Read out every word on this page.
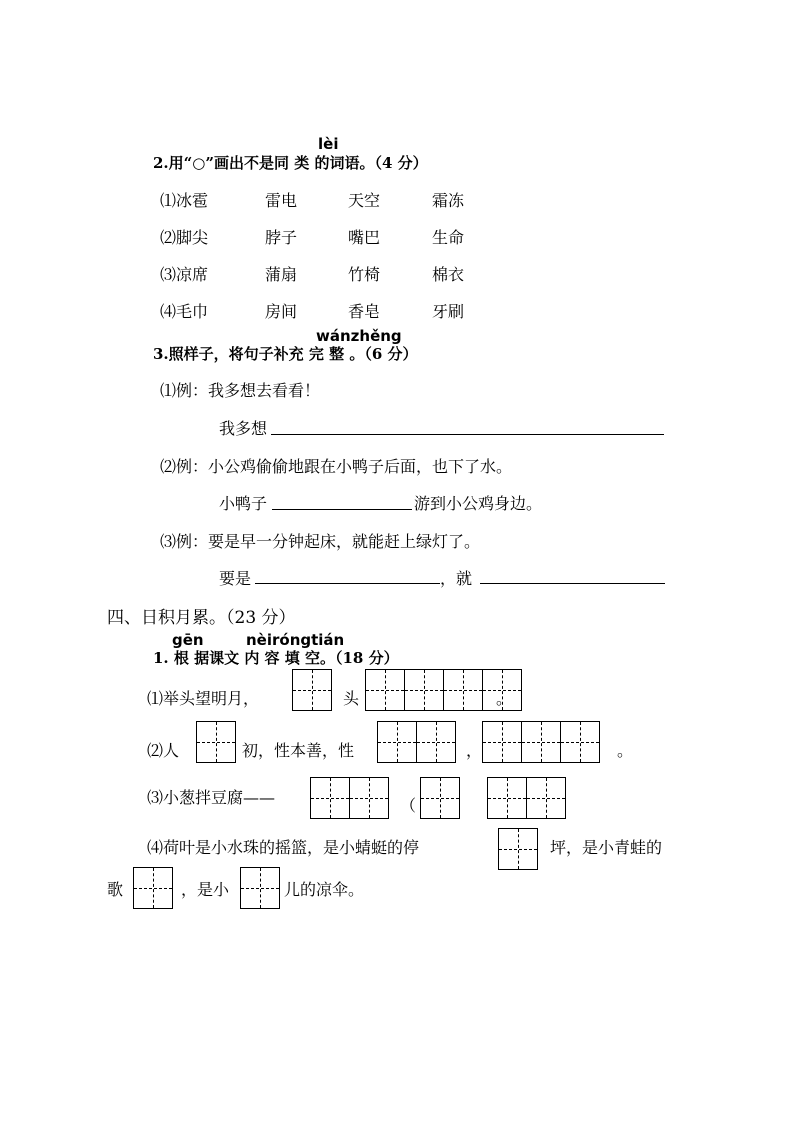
lèi
2.用“○”画出不是同 类 的词语。（4 分）
⑴冰雹	雷电	天空	霜冻
⑵脚尖	脖子	嘴巴	生命
⑶凉席	蒲扇	竹椅	棉衣
⑷毛巾	房间	香皂	牙刷
wánzhěng
3.照样子，将句子补充 完 整 。（6 分）
⑴例：我多想去看看！
我多想
⑵例：小公鸡偷偷地跟在小鸭子后面，也下了水。
小鸭子	游到小公鸡身边。
⑶例：要是早一分钟起床，就能赶上绿灯了。
要是	，就
四、日积月累。（23 分）
gēn	nèiróngtián
1. 根 据课文 内 容 填 空。（18 分）
⑴举头望明月，	头	。
⑵人	初，性本善，性	，	。
⑶小葱拌豆腐——	（
⑷荷叶是小水珠的摇篮，是小蜻蜓的停	坪，是小青蛙的
歌	，是小	儿的凉伞。
